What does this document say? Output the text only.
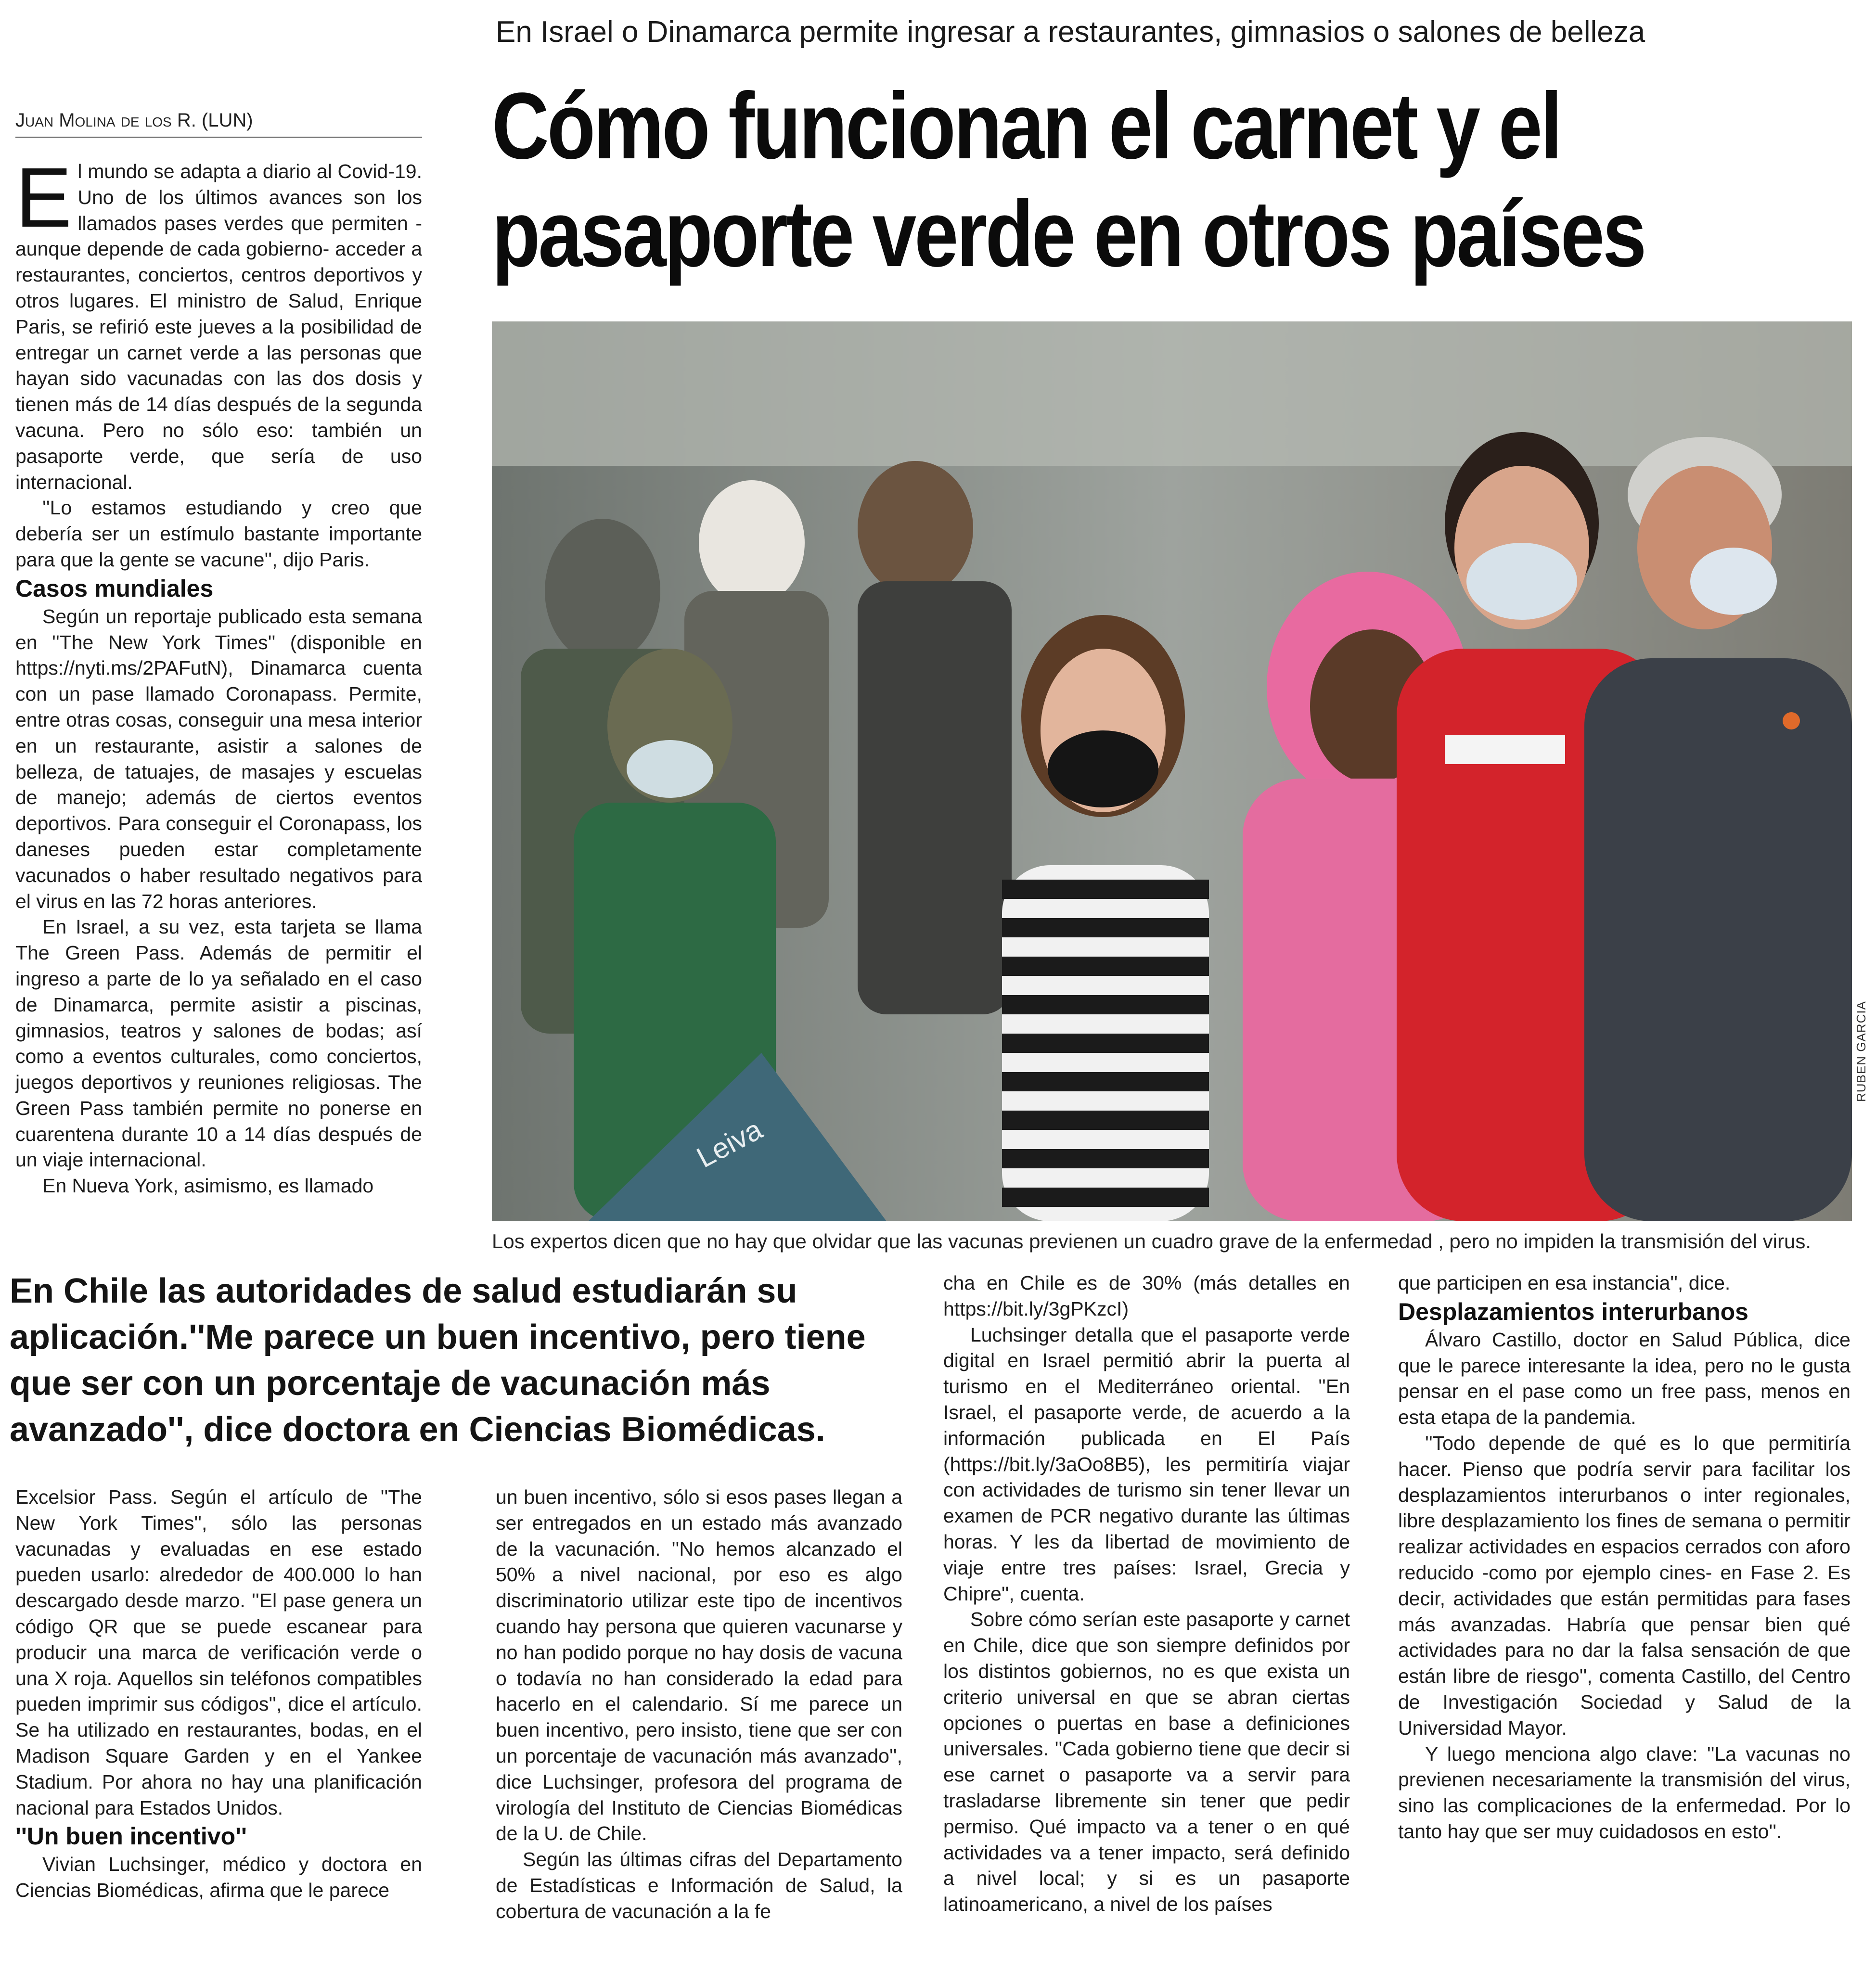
En Israel o Dinamarca permite ingresar a restaurantes, gimnasios o salones de belleza
Cómo funcionan el carnet y el
pasaporte verde en otros países
Juan Molina de los R. (LUN)
E l mundo se adapta a diario al Covid-19. Uno de los últimos avances son los llamados pases verdes que permiten -aunque depende de cada gobierno- acceder a restaurantes, conciertos, centros deportivos y otros lugares. El ministro de Salud, Enrique Paris, se refirió este jueves a la posibilidad de entregar un carnet verde a las personas que hayan sido vacunadas con las dos dosis y tienen más de 14 días después de la segunda vacuna. Pero no sólo eso: también un pasaporte verde, que sería de uso internacional.

''Lo estamos estudiando y creo que debería ser un estímulo bastante importante para que la gente se vacune'', dijo Paris.

Casos mundiales

Según un reportaje publicado esta semana en ''The New York Times'' (disponible en https://nyti.ms/2PAFutN), Dinamarca cuenta con un pase llamado Coronapass. Permite, entre otras cosas, conseguir una mesa interior en un restaurante, asistir a salones de belleza, de tatuajes, de masajes y escuelas de manejo; además de ciertos eventos deportivos. Para conseguir el Coronapass, los daneses pueden estar completamente vacunados o haber resultado negativos para el virus en las 72 horas anteriores.

En Israel, a su vez, esta tarjeta se llama The Green Pass. Además de permitir el ingreso a parte de lo ya señalado en el caso de Dinamarca, permite asistir a piscinas, gimnasios, teatros y salones de bodas; así como a eventos culturales, como conciertos, juegos deportivos y reuniones religiosas. The Green Pass también permite no ponerse en cuarentena durante 10 a 14 días después de un viaje internacional.

En Nueva York, asimismo, es llamado

Leiva
RUBEN GARCIA
Los expertos dicen que no hay que olvidar que las vacunas previenen un cuadro grave de la enfermedad , pero no impiden la transmisión del virus.
En Chile las autoridades de salud estudiarán su aplicación.''Me parece un buen incentivo, pero tiene que ser con un porcentaje de vacunación más avanzado'', dice doctora en Ciencias Biomédicas.

Excelsior Pass. Según el artículo de ''The New York Times'', sólo las personas vacunadas y evaluadas en ese estado pueden usarlo: alrededor de 400.000 lo han descargado desde marzo. ''El pase genera un código QR que se puede escanear para producir una marca de verificación verde o una X roja. Aquellos sin teléfonos compatibles pueden imprimir sus códigos'', dice el artículo. Se ha utilizado en restaurantes, bodas, en el Madison Square Garden y en el Yankee Stadium. Por ahora no hay una planificación nacional para Estados Unidos.

''Un buen incentivo''

Vivian Luchsinger, médico y doctora en Ciencias Biomédicas, afirma que le parece

un buen incentivo, sólo si esos pases llegan a ser entregados en un estado más avanzado de la vacunación. ''No hemos alcanzado el 50% a nivel nacional, por eso es algo discriminatorio utilizar este tipo de incentivos cuando hay persona que quieren vacunarse y no han podido porque no hay dosis de vacuna o todavía no han considerado la edad para hacerlo en el calendario. Sí me parece un buen incentivo, pero insisto, tiene que ser con un porcentaje de vacunación más avanzado'', dice Luchsinger, profesora del programa de virología del Instituto de Ciencias Biomédicas de la U. de Chile.

Según las últimas cifras del Departamento de Estadísticas e Información de Salud, la cobertura de vacunación a la fe

cha en Chile es de 30% (más detalles en https://bit.ly/3gPKzcI)

Luchsinger detalla que el pasaporte verde digital en Israel permitió abrir la puerta al turismo en el Mediterráneo oriental. ''En Israel, el pasaporte verde, de acuerdo a la información publicada en El País (https://bit.ly/3aOo8B5), les permitiría viajar con actividades de turismo sin tener llevar un examen de PCR negativo durante las últimas horas. Y les da libertad de movimiento de viaje entre tres países: Israel, Grecia y Chipre'', cuenta.

Sobre cómo serían este pasaporte y carnet en Chile, dice que son siempre definidos por los distintos gobiernos, no es que exista un criterio universal en que se abran ciertas opciones o puertas en base a definiciones universales. ''Cada gobierno tiene que decir si ese carnet o pasaporte va a servir para trasladarse libremente sin tener que pedir permiso. Qué impacto va a tener o en qué actividades va a tener impacto, será definido a nivel local; y si es un pasaporte latinoamericano, a nivel de los países

que participen en esa instancia'', dice.

Desplazamientos interurbanos

Álvaro Castillo, doctor en Salud Pública, dice que le parece interesante la idea, pero no le gusta pensar en el pase como un free pass, menos en esta etapa de la pandemia.

''Todo depende de qué es lo que permitiría hacer. Pienso que podría servir para facilitar los desplazamientos interurbanos o inter regionales, libre desplazamiento los fines de semana o permitir realizar actividades en espacios cerrados con aforo reducido -como por ejemplo cines- en Fase 2. Es decir, actividades que están permitidas para fases más avanzadas. Habría que pensar bien qué actividades para no dar la falsa sensación de que están libre de riesgo'', comenta Castillo, del Centro de Investigación Sociedad y Salud de la Universidad Mayor.

Y luego menciona algo clave: ''La vacunas no previenen necesariamente la transmisión del virus, sino las complicaciones de la enfermedad. Por lo tanto hay que ser muy cuidadosos en esto''.
